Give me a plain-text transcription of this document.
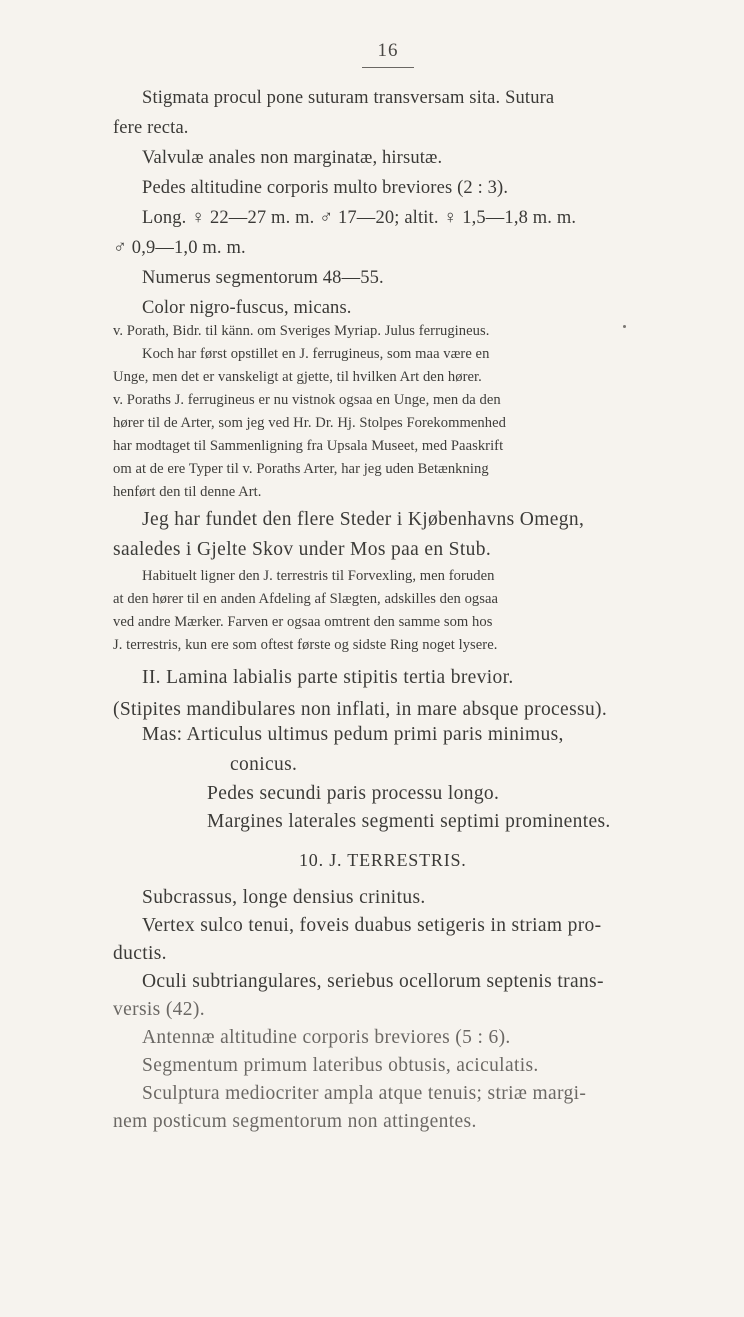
16
Stigmata procul pone suturam transversam sita. Sutura
fere recta.
Valvulæ anales non marginatæ, hirsutæ.
Pedes altitudine corporis multo breviores (2 : 3).
Long. ♀ 22—27 m. m. ♂ 17—20; altit. ♀ 1,5—1,8 m. m.
♂ 0,9—1,0 m. m.
Numerus segmentorum 48—55.
Color nigro-fuscus, micans.
v. Porath, Bidr. til känn. om Sveriges Myriap. Julus ferrugineus.
Koch har først opstillet en J. ferrugineus, som maa være en
Unge, men det er vanskeligt at gjette, til hvilken Art den hører.
v. Poraths J. ferrugineus er nu vistnok ogsaa en Unge, men da den
hører til de Arter, som jeg ved Hr. Dr. Hj. Stolpes Forekommenhed
har modtaget til Sammenligning fra Upsala Museet, med Paaskrift
om at de ere Typer til v. Poraths Arter, har jeg uden Betænkning
henført den til denne Art.
Jeg har fundet den flere Steder i Kjøbenhavns Omegn,
saaledes i Gjelte Skov under Mos paa en Stub.
Habituelt ligner den J. terrestris til Forvexling, men foruden
at den hører til en anden Afdeling af Slægten, adskilles den ogsaa
ved andre Mærker. Farven er ogsaa omtrent den samme som hos
J. terrestris, kun ere som oftest første og sidste Ring noget lysere.
II. Lamina labialis parte stipitis tertia brevior.
(Stipites mandibulares non inflati, in mare absque processu).
Mas: Articulus ultimus pedum primi paris minimus,
conicus.
Pedes secundi paris processu longo.
Margines laterales segmenti septimi prominentes.
10. J. TERRESTRIS.
Subcrassus, longe densius crinitus.
Vertex sulco tenui, foveis duabus setigeris in striam pro-
ductis.
Oculi subtriangulares, seriebus ocellorum septenis trans-
versis (42).
Antennæ altitudine corporis breviores (5 : 6).
Segmentum primum lateribus obtusis, aciculatis.
Sculptura mediocriter ampla atque tenuis; striæ margi-
nem posticum segmentorum non attingentes.
